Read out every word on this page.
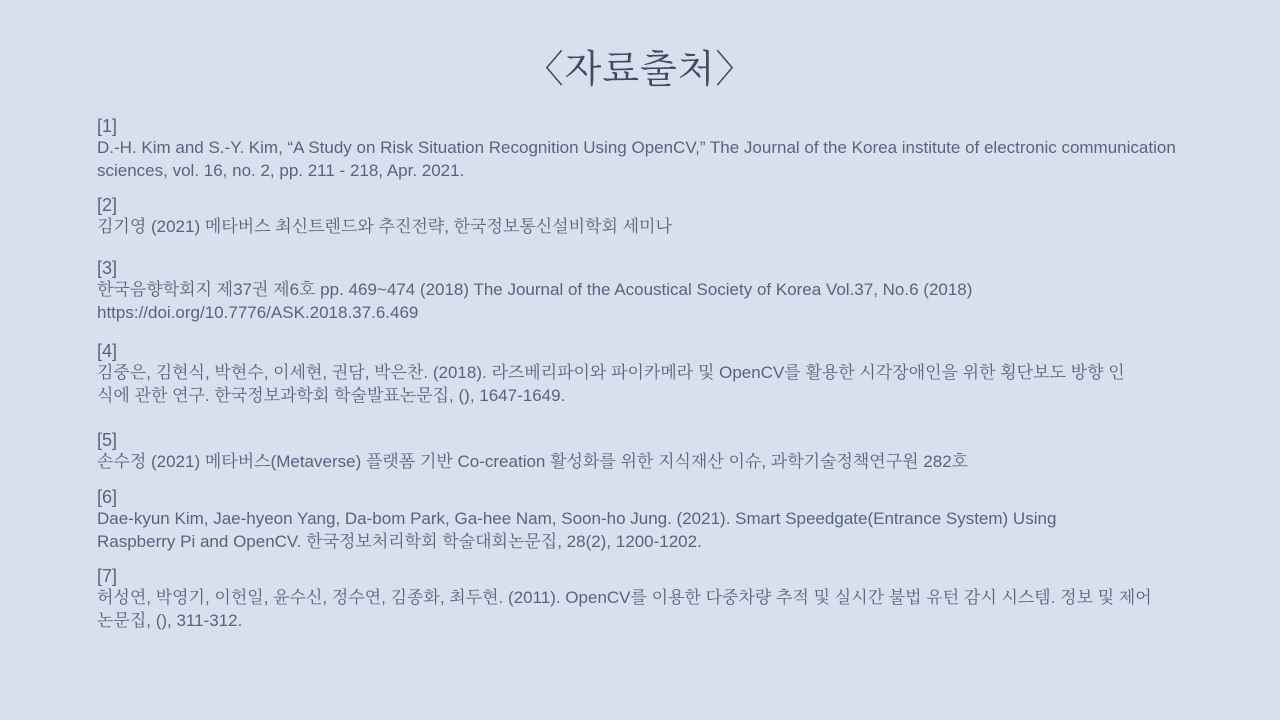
〈자료출처〉
[1]
D.-H. Kim and S.-Y. Kim, “A Study on Risk Situation Recognition Using OpenCV,” The Journal of the Korea institute of electronic communication sciences, vol. 16, no. 2, pp. 211 - 218, Apr. 2021.
[2]
김기영 (2021) 메타버스 최신트렌드와 추진전략, 한국정보통신설비학회 세미나
[3]
한국음향학회지 제37권 제6호 pp. 469~474 (2018) The Journal of the Acoustical Society of Korea Vol.37, No.6 (2018) https://doi.org/10.7776/ASK.2018.37.6.469
[4]
김중은, 김현식, 박현수, 이세현, 권담, 박은찬. (2018). 라즈베리파이와 파이카메라 및 OpenCV를 활용한 시각장애인을 위한 횡단보도 방향 인식에 관한 연구. 한국정보과학회 학술발표논문집, (), 1647-1649.
[5]
손수정 (2021) 메타버스(Metaverse) 플랫폼 기반 Co-creation 활성화를 위한 지식재산 이슈, 과학기술정책연구원 282호
[6]
Dae-kyun Kim, Jae-hyeon Yang, Da-bom Park, Ga-hee Nam, Soon-ho Jung. (2021). Smart Speedgate(Entrance System) Using Raspberry Pi and OpenCV. 한국정보처리학회 학술대회논문집, 28(2), 1200-1202.
[7]
허성연, 박영기, 이헌일, 윤수신, 정수연, 김종화, 최두현. (2011). OpenCV를 이용한 다중차량 추적 및 실시간 불법 유턴 감시 시스템. 정보 및 제어 논문집, (), 311-312.
